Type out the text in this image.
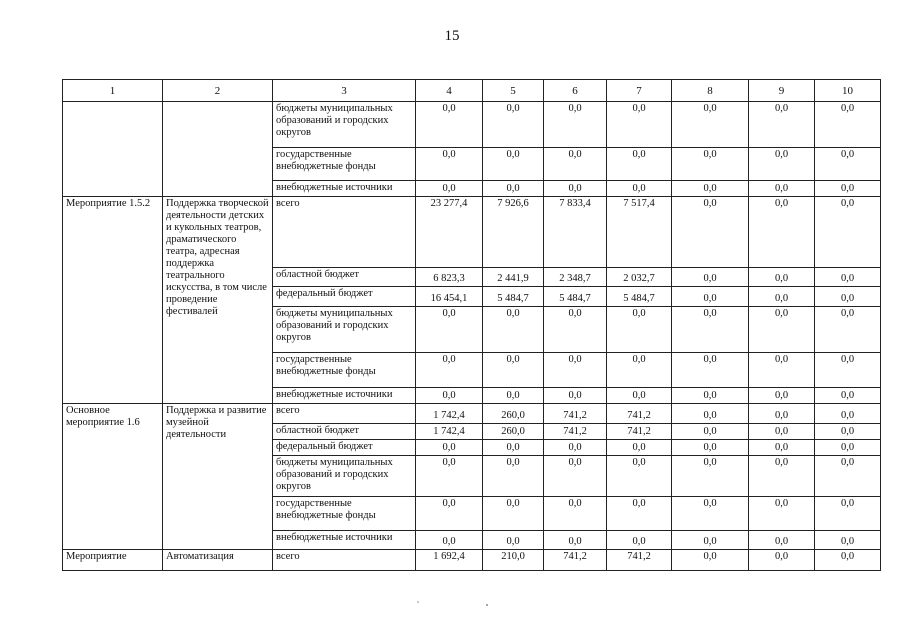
15
1	2	3	4	5	6	7	8	9	10
		бюджеты муниципальных образований и городских округов	0,0	0,0	0,0	0,0	0,0	0,0	0,0
		государственные внебюджетные фонды	0,0	0,0	0,0	0,0	0,0	0,0	0,0
		внебюджетные источники	0,0	0,0	0,0	0,0	0,0	0,0	0,0
Мероприятие 1.5.2	Поддержка творческой деятельности детских и кукольных театров, драматического театра, адресная поддержка театрального искусства, в том числе проведение фестивалей	всего	23 277,4	7 926,6	7 833,4	7 517,4	0,0	0,0	0,0
		областной бюджет	6 823,3	2 441,9	2 348,7	2 032,7	0,0	0,0	0,0
		федеральный бюджет	16 454,1	5 484,7	5 484,7	5 484,7	0,0	0,0	0,0
		бюджеты муниципальных образований и городских округов	0,0	0,0	0,0	0,0	0,0	0,0	0,0
		государственные внебюджетные фонды	0,0	0,0	0,0	0,0	0,0	0,0	0,0
		внебюджетные источники	0,0	0,0	0,0	0,0	0,0	0,0	0,0
Основное мероприятие 1.6	Поддержка и развитие музейной деятельности	всего	1 742,4	260,0	741,2	741,2	0,0	0,0	0,0
		областной бюджет	1 742,4	260,0	741,2	741,2	0,0	0,0	0,0
		федеральный бюджет	0,0	0,0	0,0	0,0	0,0	0,0	0,0
		бюджеты муниципальных образований и городских округов	0,0	0,0	0,0	0,0	0,0	0,0	0,0
		государственные внебюджетные фонды	0,0	0,0	0,0	0,0	0,0	0,0	0,0
		внебюджетные источники	0,0	0,0	0,0	0,0	0,0	0,0	0,0
Мероприятие	Автоматизация	всего	1 692,4	210,0	741,2	741,2	0,0	0,0	0,0
